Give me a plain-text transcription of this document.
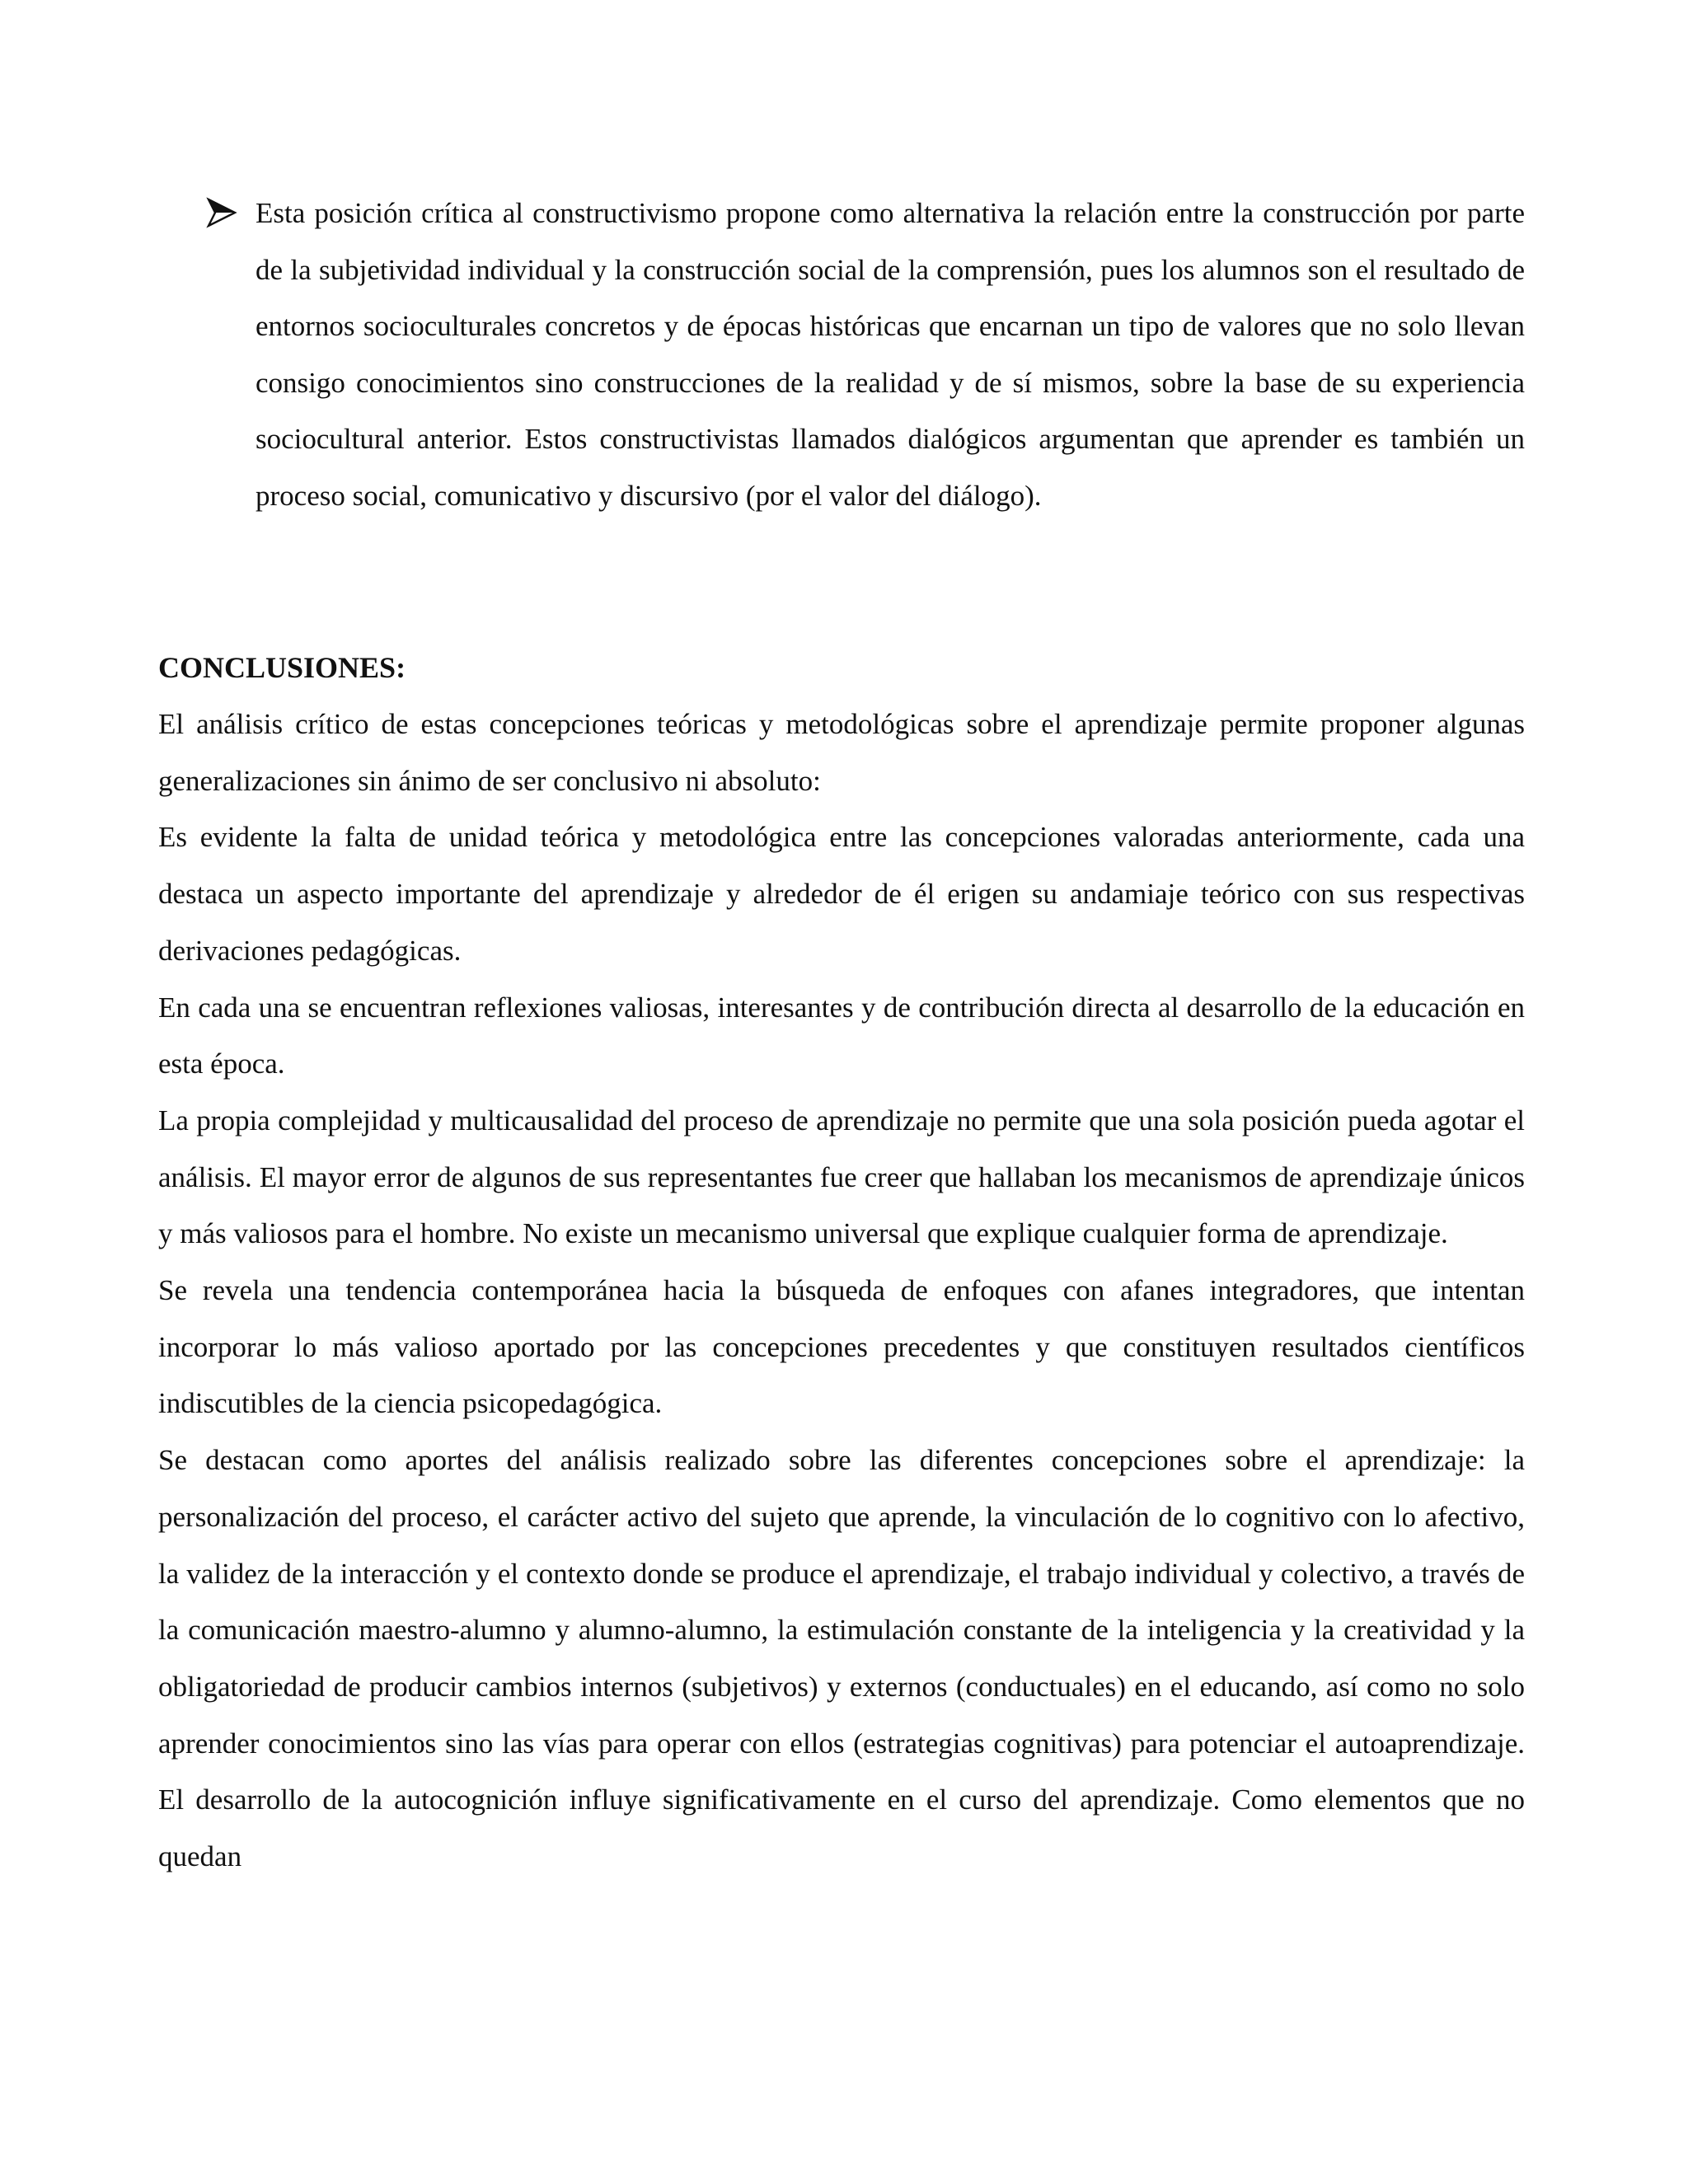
Esta posición crítica al constructivismo propone como alternativa la relación entre la construcción por parte de la subjetividad individual y la construcción social de la comprensión, pues los alumnos son el resultado de entornos socioculturales concretos y de épocas históricas que encarnan un tipo de valores que no solo llevan consigo conocimientos sino construcciones de la realidad y de sí mismos, sobre la base de su experiencia sociocultural anterior. Estos constructivistas llamados dialógicos argumentan que aprender es también un proceso social, comunicativo y discursivo (por el valor del diálogo).

CONCLUSIONES:

El análisis crítico de estas concepciones teóricas y metodológicas sobre el aprendizaje permite proponer algunas generalizaciones sin ánimo de ser conclusivo ni absoluto:

Es evidente la falta de unidad teórica y metodológica entre las concepciones valoradas anteriormente, cada una destaca un aspecto importante del aprendizaje y alrededor de él erigen su andamiaje teórico con sus respectivas derivaciones pedagógicas.

En cada una se encuentran reflexiones valiosas, interesantes y de contribución directa al desarrollo de la educación en esta época.

La propia complejidad y multicausalidad del proceso de aprendizaje no permite que una sola posición pueda agotar el análisis. El mayor error de algunos de sus representantes fue creer que hallaban los mecanismos de aprendizaje únicos y más valiosos para el hombre. No existe un mecanismo universal que explique cualquier forma de aprendizaje.

Se revela una tendencia contemporánea hacia la búsqueda de enfoques con afanes integradores, que intentan incorporar lo más valioso aportado por las concepciones precedentes y que constituyen resultados científicos indiscutibles de la ciencia psicopedagógica.

Se destacan como aportes del análisis realizado sobre las diferentes concepciones sobre el aprendizaje: la personalización del proceso, el carácter activo del sujeto que aprende, la vinculación de lo cognitivo con lo afectivo, la validez de la interacción y el contexto donde se produce el aprendizaje, el trabajo individual y colectivo, a través de la comunicación maestro-alumno y alumno-alumno, la estimulación constante de la inteligencia y la creatividad y la obligatoriedad de producir cambios internos (subjetivos) y externos (conductuales) en el educando, así como no solo aprender conocimientos sino las vías para operar con ellos (estrategias cognitivas) para potenciar el autoaprendizaje. El desarrollo de la autocognición influye significativamente en el curso del aprendizaje. Como elementos que no quedan
